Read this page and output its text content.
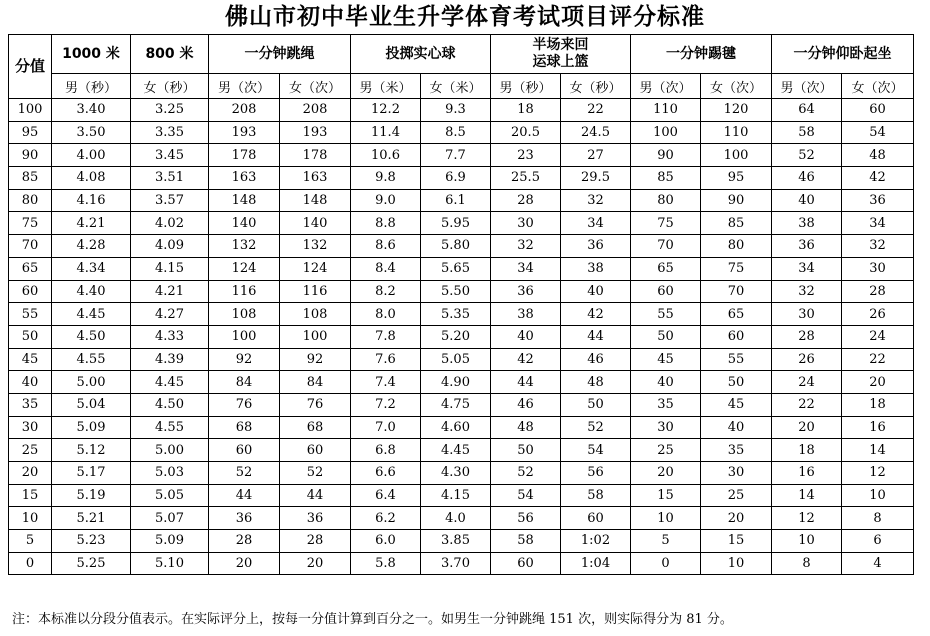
佛山市初中毕业生升学体育考试项目评分标准
分值	1000 米	800 米	一分钟跳绳		投掷实心球		半场来回
运球上篮		一分钟踢毽		一分钟仰卧起坐	
	男（秒）	女（秒）	男（次）	女（次）	男（米）	女（米）	男（秒）	女（秒）	男（次）	女（次）	男（次）	女（次）
100	3.40	3.25	208	208	12.2	9.3	18	22	110	120	64	60
95	3.50	3.35	193	193	11.4	8.5	20.5	24.5	100	110	58	54
90	4.00	3.45	178	178	10.6	7.7	23	27	90	100	52	48
85	4.08	3.51	163	163	9.8	6.9	25.5	29.5	85	95	46	42
80	4.16	3.57	148	148	9.0	6.1	28	32	80	90	40	36
75	4.21	4.02	140	140	8.8	5.95	30	34	75	85	38	34
70	4.28	4.09	132	132	8.6	5.80	32	36	70	80	36	32
65	4.34	4.15	124	124	8.4	5.65	34	38	65	75	34	30
60	4.40	4.21	116	116	8.2	5.50	36	40	60	70	32	28
55	4.45	4.27	108	108	8.0	5.35	38	42	55	65	30	26
50	4.50	4.33	100	100	7.8	5.20	40	44	50	60	28	24
45	4.55	4.39	92	92	7.6	5.05	42	46	45	55	26	22
40	5.00	4.45	84	84	7.4	4.90	44	48	40	50	24	20
35	5.04	4.50	76	76	7.2	4.75	46	50	35	45	22	18
30	5.09	4.55	68	68	7.0	4.60	48	52	30	40	20	16
25	5.12	5.00	60	60	6.8	4.45	50	54	25	35	18	14
20	5.17	5.03	52	52	6.6	4.30	52	56	20	30	16	12
15	5.19	5.05	44	44	6.4	4.15	54	58	15	25	14	10
10	5.21	5.07	36	36	6.2	4.0	56	60	10	20	12	8
5	5.23	5.09	28	28	6.0	3.85	58	1:02	5	15	10	6
0	5.25	5.10	20	20	5.8	3.70	60	1:04	0	10	8	4
注：本标准以分段分值表示。在实际评分上，按每一分值计算到百分之一。如男生一分钟跳绳 151 次，则实际得分为 81 分。
